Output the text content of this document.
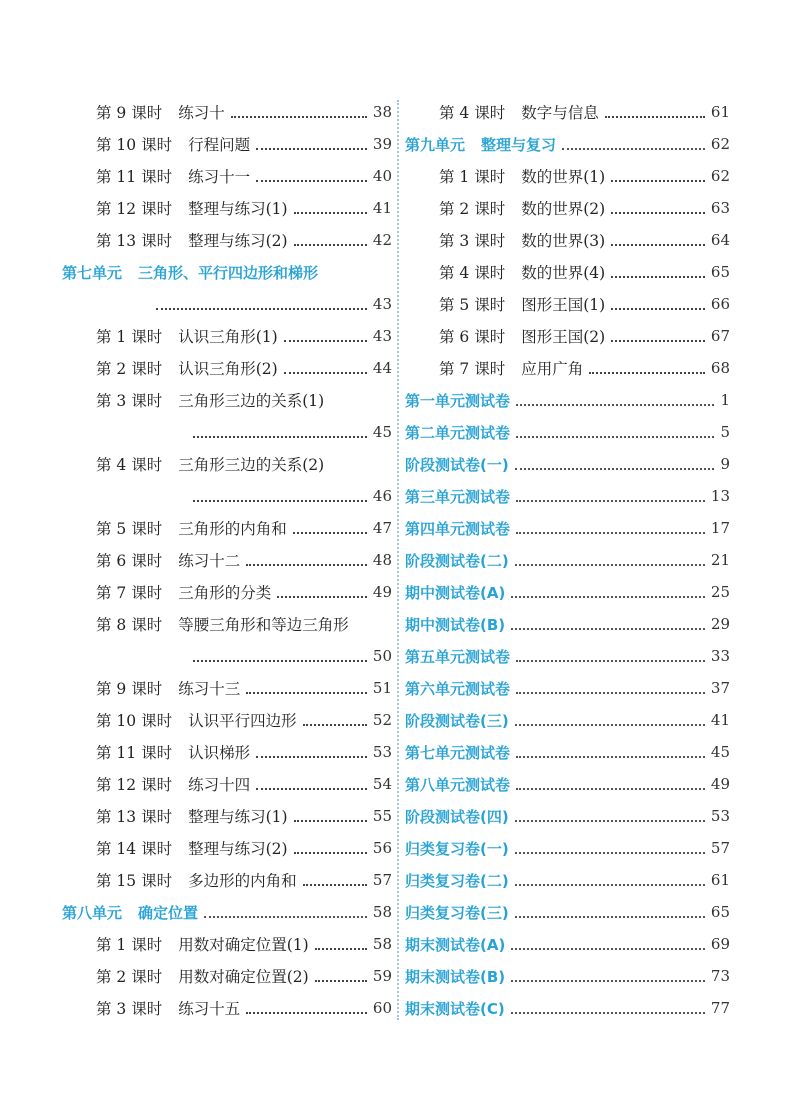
第 9 课时 练习十	38
第 10 课时 行程问题	39
第 11 课时 练习十一	40
第 12 课时 整理与练习(1)	41
第 13 课时 整理与练习(2)	42
第七单元 三角形、平行四边形和梯形
43
第 1 课时 认识三角形(1)	43
第 2 课时 认识三角形(2)	44
第 3 课时 三角形三边的关系(1)
45
第 4 课时 三角形三边的关系(2)
46
第 5 课时 三角形的内角和	47
第 6 课时 练习十二	48
第 7 课时 三角形的分类	49
第 8 课时 等腰三角形和等边三角形
50
第 9 课时 练习十三	51
第 10 课时 认识平行四边形	52
第 11 课时 认识梯形	53
第 12 课时 练习十四	54
第 13 课时 整理与练习(1)	55
第 14 课时 整理与练习(2)	56
第 15 课时 多边形的内角和	57
第八单元 确定位置	58
第 1 课时 用数对确定位置(1)	58
第 2 课时 用数对确定位置(2)	59
第 3 课时 练习十五	60
第 4 课时 数字与信息	61
第九单元 整理与复习	62
第 1 课时 数的世界(1)	62
第 2 课时 数的世界(2)	63
第 3 课时 数的世界(3)	64
第 4 课时 数的世界(4)	65
第 5 课时 图形王国(1)	66
第 6 课时 图形王国(2)	67
第 7 课时 应用广角	68
第一单元测试卷	1
第二单元测试卷	5
阶段测试卷(一)	9
第三单元测试卷	13
第四单元测试卷	17
阶段测试卷(二)	21
期中测试卷(A)	25
期中测试卷(B)	29
第五单元测试卷	33
第六单元测试卷	37
阶段测试卷(三)	41
第七单元测试卷	45
第八单元测试卷	49
阶段测试卷(四)	53
归类复习卷(一)	57
归类复习卷(二)	61
归类复习卷(三)	65
期末测试卷(A)	69
期末测试卷(B)	73
期末测试卷(C)	77
